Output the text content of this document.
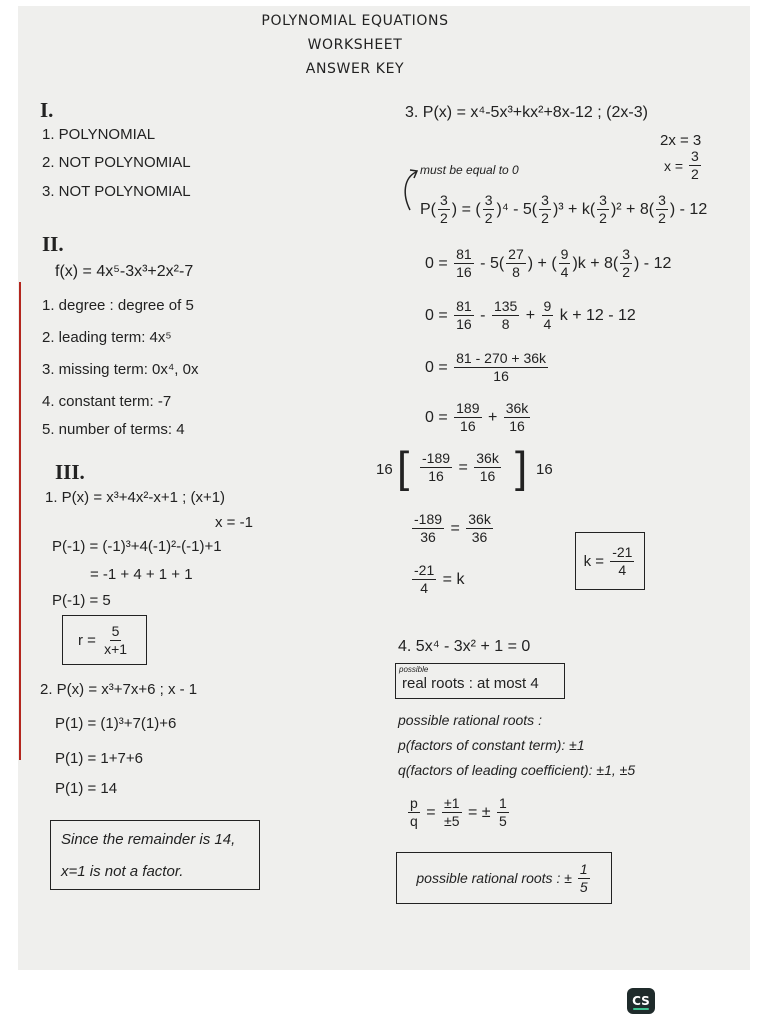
POLYNOMIAL EQUATIONS
WORKSHEET
ANSWER KEY
I.
1. POLYNOMIAL
2. NOT POLYNOMIAL
3. NOT POLYNOMIAL
II.
f(x) = 4x⁵-3x³+2x²-7
1. degree : degree of 5
2. leading term: 4x⁵
3. missing term: 0x⁴, 0x
4. constant term: -7
5. number of terms: 4
III.
1. P(x) = x³+4x²-x+1 ; (x+1)
x = -1
P(-1) = (-1)³+4(-1)²-(-1)+1
= -1 + 4 + 1 + 1
P(-1) = 5
$r = \frac{5}{x+1}$
2. P(x) = x³+7x+6 ; x - 1
P(1) = (1)³+7(1)+6
P(1) = 1+7+6
P(1) = 14
Since the remainder is 14,
x=1 is not a factor.
3. P(x) = x⁴-5x³+kx²+8x-12 ; (2x-3)
2x = 3
$x = \frac{3}{2}$
must be equal to 0
$P( \frac{3}{2}$ ) = ( $\frac{3}{2} )^4 - 5( \frac{3}{2} )^3 + k( \frac{3}{2} )^2 + 8( \frac{3}{2}$ ) - 12
$0 = \frac{81}{16} - 5( \frac{27}{8}$ ) + ( $\frac{9}{4} )k + 8( \frac{3}{2}$ ) - 12
$0 = \frac{81}{16} - \frac{135}{8} + \frac{9}{4}$ k + 12 - 12
$0 = \frac{81 - 270 + 36k}{16}$
$0 = \frac{189}{16} + \frac{36k}{16}$
16 [ $\frac{-189}{16} = \frac{36k}{16}$ ] 16
$\frac{-189}{36} = \frac{36k}{36}$
$\frac{-21}{4} = k$
$k = \frac{-21}{4}$
4. 5x⁴ - 3x² + 1 = 0
possible
real roots : at most 4
possible rational roots :
p(factors of constant term): ±1
q(factors of leading coefficient): ±1, ±5
$\frac{p}{q} = \frac{\pm 1}{\pm 5}$ = ± $\frac{1}{5}$
possible rational roots : ± $\frac{1}{5}$
CS
